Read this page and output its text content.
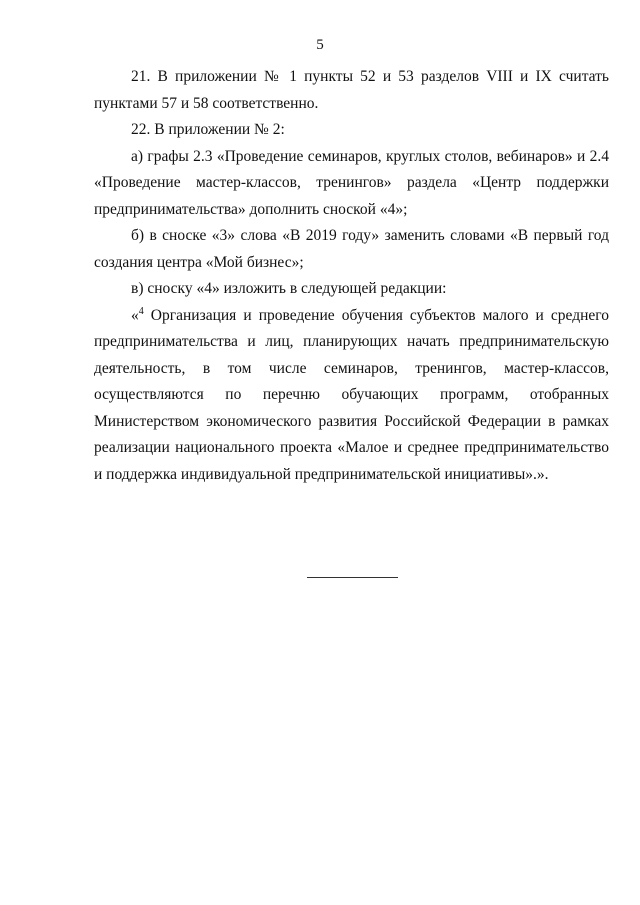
5

21. В приложении № 1 пункты 52 и 53 разделов VIII и IX считать пунктами 57 и 58 соответственно.

22. В приложении № 2:

а) графы 2.3 «Проведение семинаров, круглых столов, вебинаров» и 2.4 «Проведение мастер-классов, тренингов» раздела «Центр поддержки предпринимательства» дополнить сноской «4»;

б) в сноске «3» слова «В 2019 году» заменить словами «В первый год создания центра «Мой бизнес»;

в) сноску «4» изложить в следующей редакции:

«$^4$ Организация и проведение обучения субъектов малого и среднего предпринимательства и лиц, планирующих начать предпринимательскую деятельность, в том числе семинаров, тренингов, мастер-классов, осуществляются по перечню обучающих программ, отобранных Министерством экономического развития Российской Федерации в рамках реализации национального проекта «Малое и среднее предпринимательство и поддержка индивидуальной предпринимательской инициативы».».
